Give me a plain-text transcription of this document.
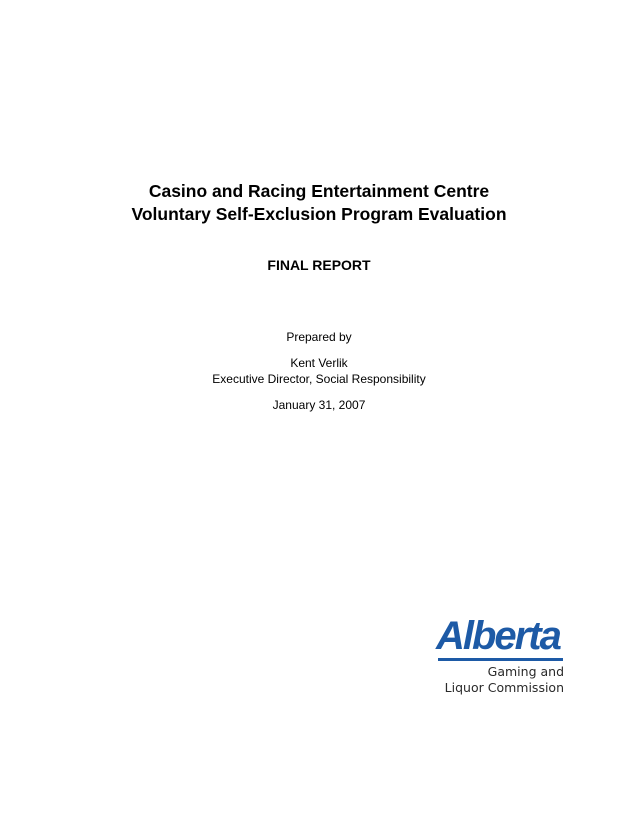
Casino and Racing Entertainment Centre
Voluntary Self-Exclusion Program Evaluation
FINAL REPORT
Prepared by
Kent Verlik
Executive Director, Social Responsibility
January 31, 2007
Alberta
Gaming and
Liquor Commission
